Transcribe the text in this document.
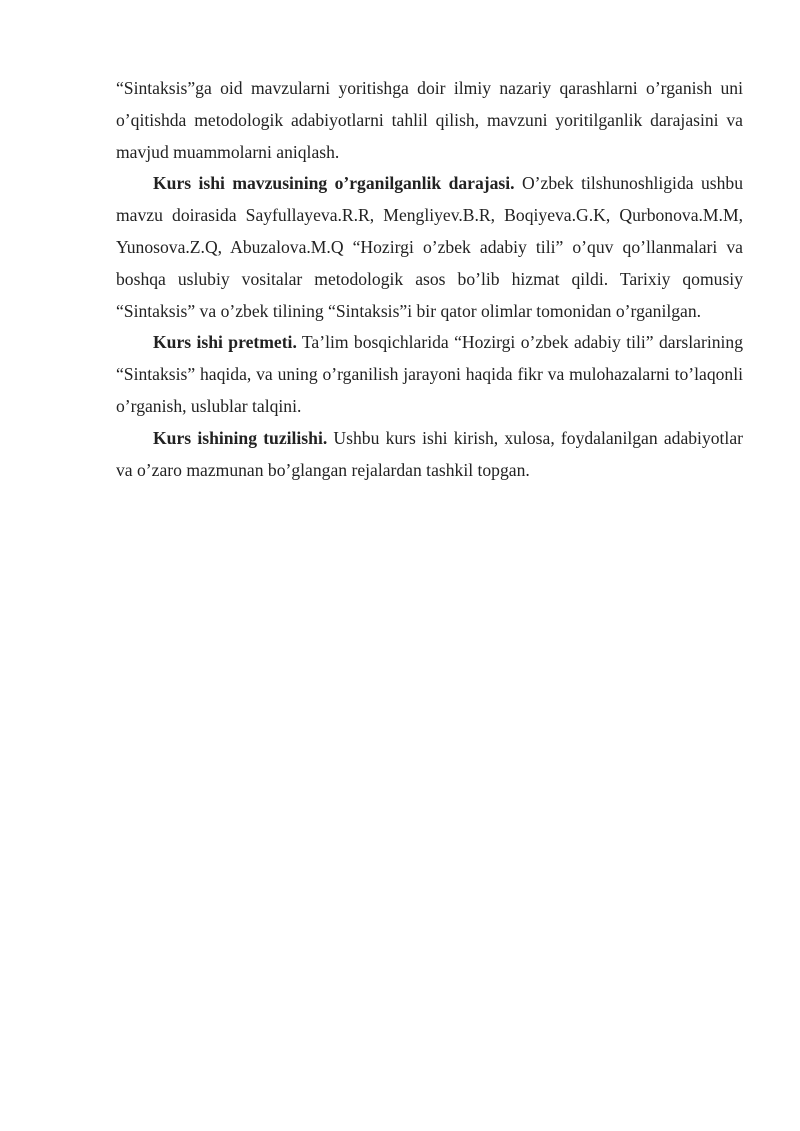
“Sintaksis”ga oid mavzularni yoritishga doir ilmiy nazariy qarashlarni o’rganish uni o’qitishda metodologik adabiyotlarni tahlil qilish, mavzuni yoritilganlik darajasini va mavjud muammolarni aniqlash.

Kurs ishi mavzusining o’rganilganlik darajasi. O’zbek tilshunoshligida ushbu mavzu doirasida Sayfullayeva.R.R, Mengliyev.B.R, Boqiyeva.G.K, Qurbonova.M.M, Yunosova.Z.Q, Abuzalova.M.Q “Hozirgi o’zbek adabiy tili” o’quv qo’llanmalari va boshqa uslubiy vositalar metodologik asos bo’lib hizmat qildi. Tarixiy qomusiy “Sintaksis” va o’zbek tilining “Sintaksis”i bir qator olimlar tomonidan o’rganilgan.

Kurs ishi pretmeti. Ta’lim bosqichlarida “Hozirgi o’zbek adabiy tili” darslarining “Sintaksis” haqida, va uning o’rganilish jarayoni haqida fikr va mulohazalarni to’laqonli o’rganish, uslublar talqini.

Kurs ishining tuzilishi. Ushbu kurs ishi kirish, xulosa, foydalanilgan adabiyotlar va o’zaro mazmunan bo’glangan rejalardan tashkil topgan.
